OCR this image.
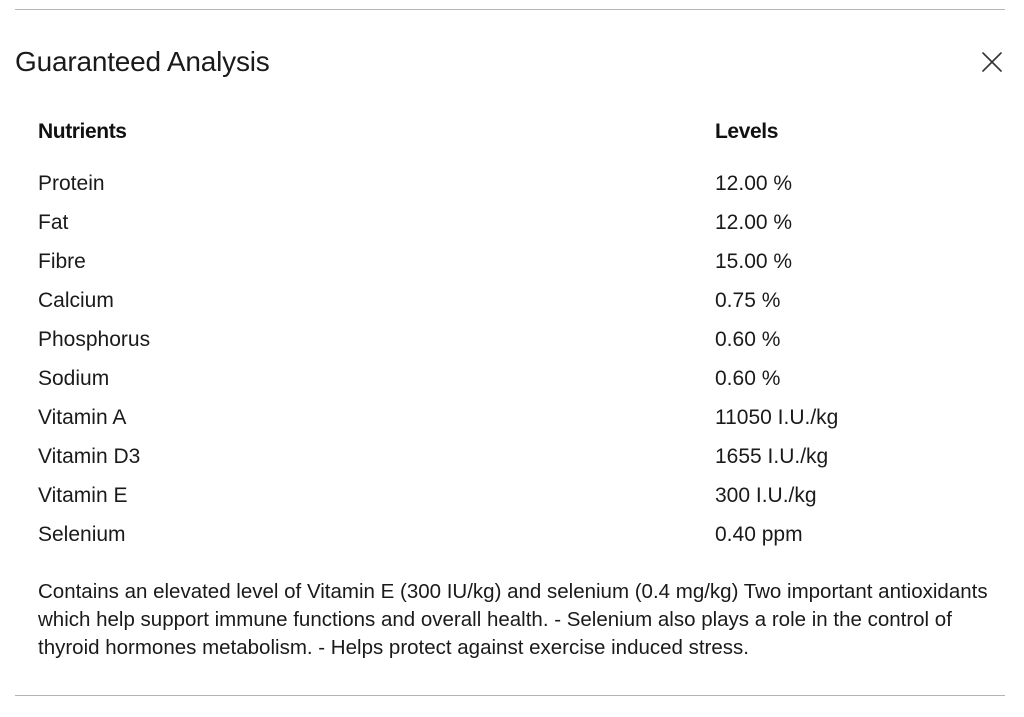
Guaranteed Analysis
Nutrients	Levels
Protein	12.00 %
Fat	12.00 %
Fibre	15.00 %
Calcium	0.75 %
Phosphorus	0.60 %
Sodium	0.60 %
Vitamin A	11050 I.U./kg
Vitamin D3	1655 I.U./kg
Vitamin E	300 I.U./kg
Selenium	0.40 ppm
Contains an elevated level of Vitamin E (300 IU/kg) and selenium (0.4 mg/kg) Two important antioxidants which help support immune functions and overall health. - Selenium also plays a role in the control of thyroid hormones metabolism. - Helps protect against exercise induced stress.
